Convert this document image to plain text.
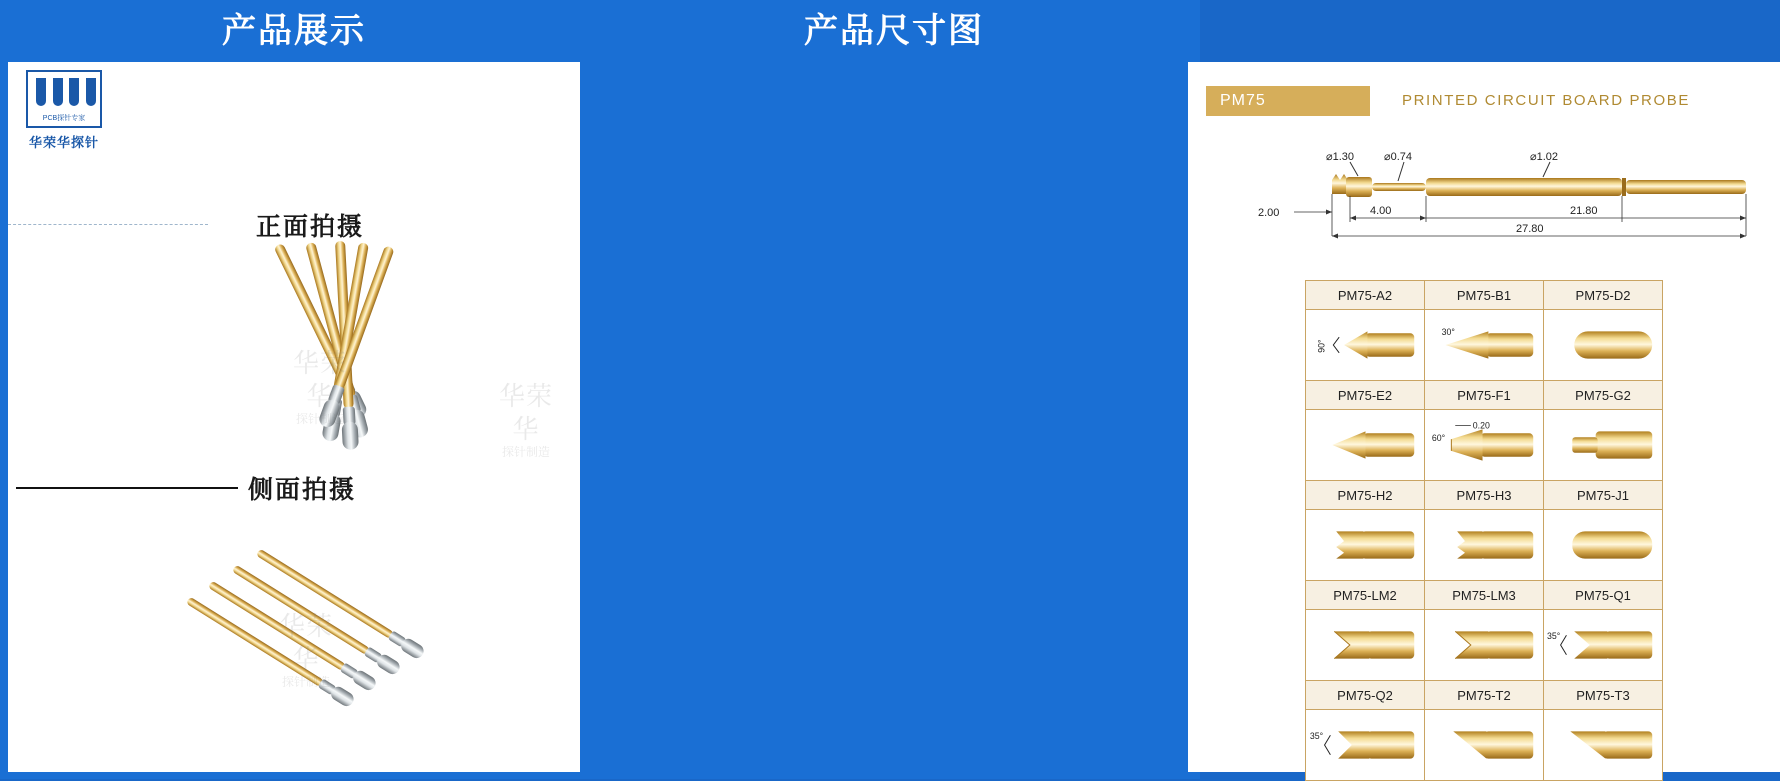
产品展示
PCB探针专家
华荣华探针
正面拍摄
华荣华	华荣华
探针制造
侧面拍摄
华荣华
探针制造
产品尺寸图
PM75	PRINTED CIRCUIT BOARD PROBE
⌀1.30	⌀0.74	⌀1.02
2.00	4.00	21.80
27.80
PM75-A2	PM75-B1	PM75-D2

90°	30°

PM75-E2	PM75-F1	PM75-G2

60°
0.20

PM75-H2	PM75-H3	PM75-J1

PM75-LM2	PM75-LM3	PM75-Q1

35°

PM75-Q2	PM75-T2	PM75-T3

35°
